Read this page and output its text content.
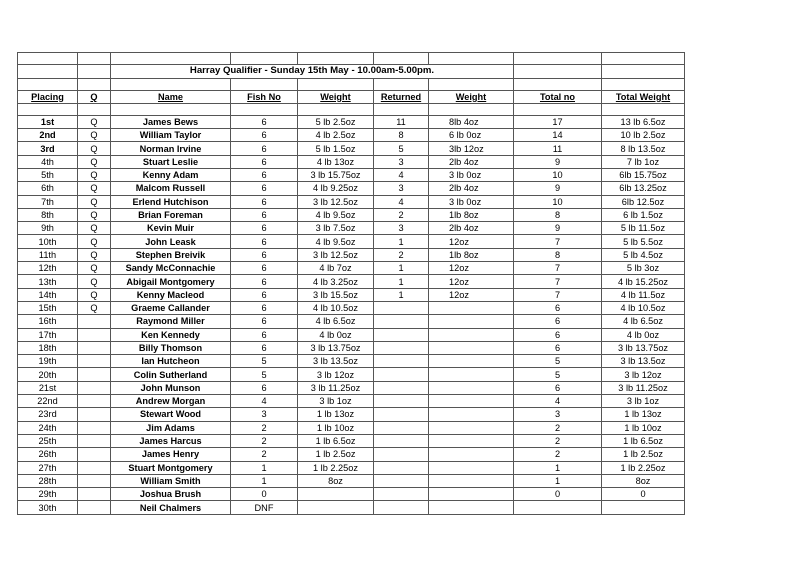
		Harray Qualifier - Sunday 15th May - 10.00am-5.00pm.						

Placing	Q	Name	Fish No	Weight	Returned	Weight	Total no	Total Weight

1st	Q	James Bews	6	5 lb 2.5oz	11	8lb 4oz	17	13 lb 6.5oz
2nd	Q	William Taylor	6	4 lb 2.5oz	8	6 lb 0oz	14	10 lb 2.5oz
3rd	Q	Norman Irvine	6	5 lb 1.5oz	5	3lb 12oz	11	8 lb 13.5oz
4th	Q	Stuart Leslie	6	4 lb 13oz	3	2lb 4oz	9	7 lb 1oz
5th	Q	Kenny Adam	6	3 lb 15.75oz	4	3 lb 0oz	10	6lb 15.75oz
6th	Q	Malcom Russell	6	4 lb 9.25oz	3	2lb 4oz	9	6lb 13.25oz
7th	Q	Erlend Hutchison	6	3 lb 12.5oz	4	3 lb 0oz	10	6lb 12.5oz
8th	Q	Brian Foreman	6	4 lb 9.5oz	2	1lb 8oz	8	6 lb 1.5oz
9th	Q	Kevin Muir	6	3 lb 7.5oz	3	2lb 4oz	9	5 lb 11.5oz
10th	Q	John Leask	6	4 lb 9.5oz	1	12oz	7	5 lb 5.5oz
11th	Q	Stephen Breivik	6	3 lb 12.5oz	2	1lb 8oz	8	5 lb 4.5oz
12th	Q	Sandy McConnachie	6	4 lb 7oz	1	12oz	7	5 lb 3oz
13th	Q	Abigail Montgomery	6	4 lb 3.25oz	1	12oz	7	4 lb 15.25oz
14th	Q	Kenny Macleod	6	3 lb 15.5oz	1	12oz	7	4 lb 11.5oz
15th	Q	Graeme Callander	6	4 lb 10.5oz			6	4 lb 10.5oz
16th		Raymond Miller	6	4 lb 6.5oz			6	4 lb 6.5oz
17th		Ken Kennedy	6	4 lb 0oz			6	4 lb 0oz
18th		Billy Thomson	6	3 lb 13.75oz			6	3 lb 13.75oz
19th		Ian Hutcheon	5	3 lb 13.5oz			5	3 lb 13.5oz
20th		Colin Sutherland	5	3 lb 12oz			5	3 lb 12oz
21st		John Munson	6	3 lb 11.25oz			6	3 lb 11.25oz
22nd		Andrew Morgan	4	3 lb 1oz			4	3 lb 1oz
23rd		Stewart Wood	3	1 lb 13oz			3	1 lb 13oz
24th		Jim Adams	2	1 lb 10oz			2	1 lb 10oz
25th		James Harcus	2	1 lb 6.5oz			2	1 lb 6.5oz
26th		James Henry	2	1 lb 2.5oz			2	1 lb 2.5oz
27th		Stuart Montgomery	1	1 lb 2.25oz			1	1 lb 2.25oz
28th		William Smith	1	8oz			1	8oz
29th		Joshua Brush	0				0	0
30th		Neil Chalmers	DNF					
